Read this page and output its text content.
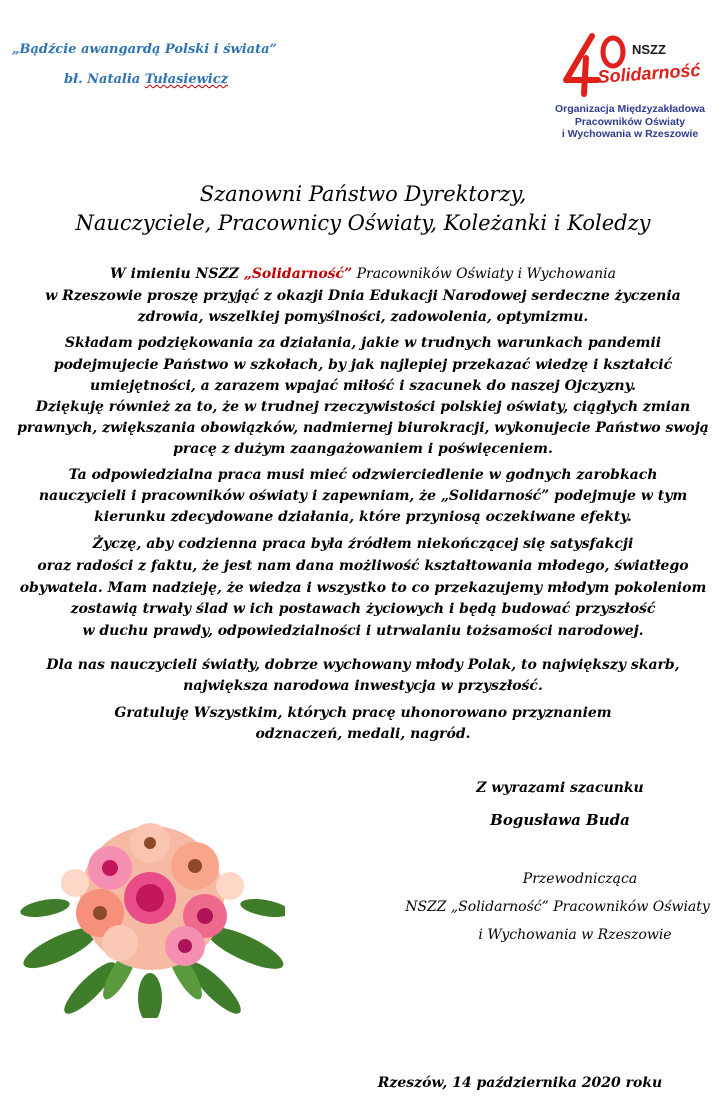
„Bądźcie awangardą Polski i świata”
bł. Natalia Tułasiewicz
NSZZ
Solidarność
Organizacja Międzyzakładowa
Pracowników Oświaty
i Wychowania w Rzeszowie
Szanowni Państwo Dyrektorzy,
Nauczyciele, Pracownicy Oświaty, Koleżanki i Koledzy
W imieniu NSZZ „Solidarność” Pracowników Oświaty i Wychowania
w Rzeszowie proszę przyjąć z okazji Dnia Edukacji Narodowej serdeczne życzenia
zdrowia, wszelkiej pomyślności, zadowolenia, optymizmu.
Składam podziękowania za działania, jakie w trudnych warunkach pandemii
podejmujecie Państwo w szkołach, by jak najlepiej przekazać wiedzę i kształcić
umiejętności, a zarazem wpajać miłość i szacunek do naszej Ojczyzny.
Dziękuję również za to, że w trudnej rzeczywistości polskiej oświaty, ciągłych zmian
prawnych, zwiększania obowiązków, nadmiernej biurokracji, wykonujecie Państwo swoją
pracę z dużym zaangażowaniem i poświęceniem.
Ta odpowiedzialna praca musi mieć odzwierciedlenie w godnych zarobkach
nauczycieli i pracowników oświaty i zapewniam, że „Solidarność” podejmuje w tym
kierunku zdecydowane działania, które przyniosą oczekiwane efekty.
Życzę, aby codzienna praca była źródłem niekończącej się satysfakcji
oraz radości z faktu, że jest nam dana możliwość kształtowania młodego, światłego
obywatela. Mam nadzieję, że wiedza i wszystko to co przekazujemy młodym pokoleniom
zostawią trwały ślad w ich postawach życiowych i będą budować przyszłość
w duchu prawdy, odpowiedzialności i utrwalaniu tożsamości narodowej.
Dla nas nauczycieli światły, dobrze wychowany młody Polak, to największy skarb,
największa narodowa inwestycja w przyszłość.
Gratuluję Wszystkim, których pracę uhonorowano przyznaniem
odznaczeń, medali, nagród.
Z wyrazami szacunku
Bogusława Buda
Przewodnicząca
NSZZ „Solidarność” Pracowników Oświaty
i Wychowania w Rzeszowie
Rzeszów, 14 października 2020 roku
